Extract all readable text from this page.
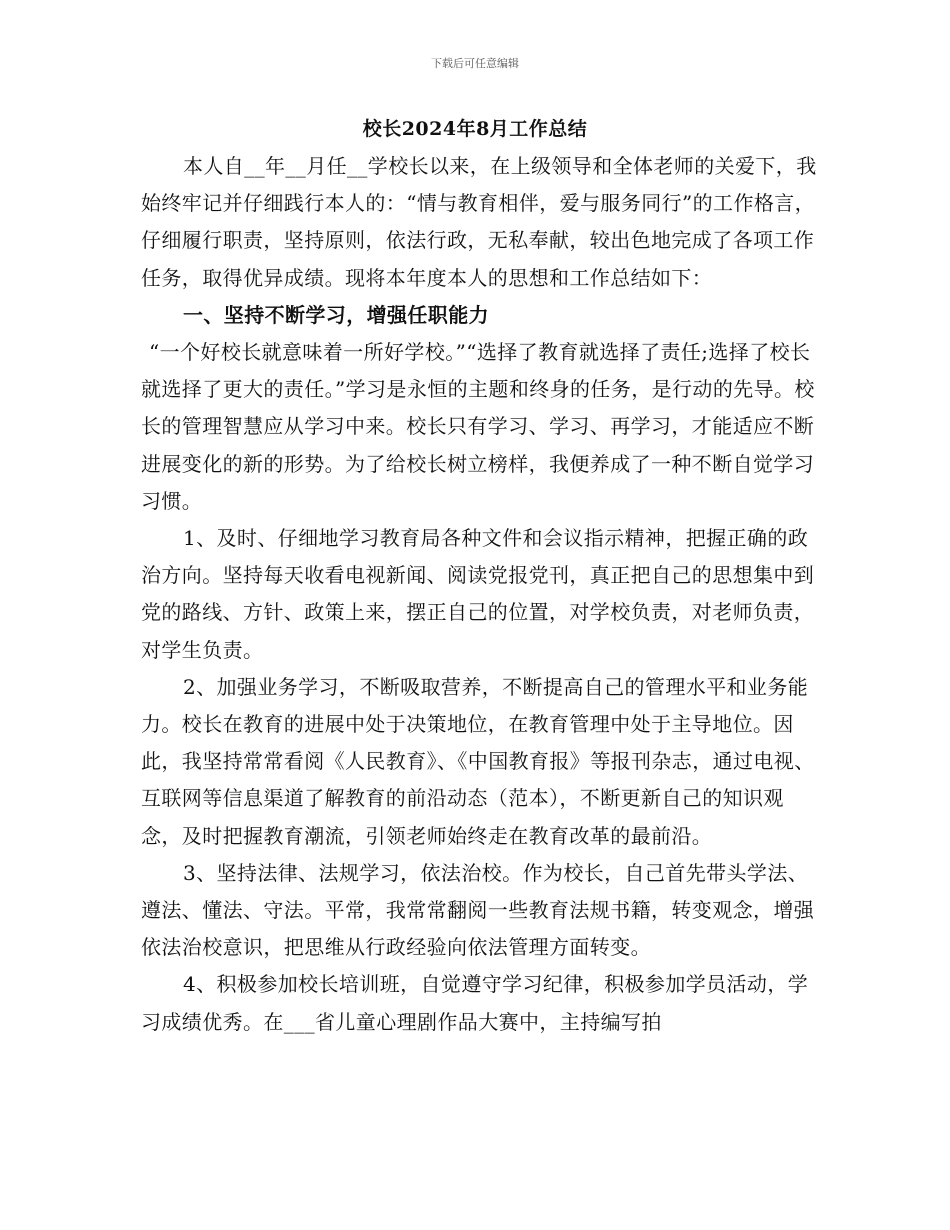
下载后可任意编辑
校长2024年8月工作总结

本人自__年__月任__学校长以来，在上级领导和全体老师的关爱下，我始终牢记并仔细践行本人的：“情与教育相伴，爱与服务同行”的工作格言，仔细履行职责，坚持原则，依法行政，无私奉献，较出色地完成了各项工作任务，取得优异成绩。现将本年度本人的思想和工作总结如下：

一、坚持不断学习，增强任职能力

“一个好校长就意味着一所好学校。”“选择了教育就选择了责任;选择了校长就选择了更大的责任。”学习是永恒的主题和终身的任务，是行动的先导。校长的管理智慧应从学习中来。校长只有学习、学习、再学习，才能适应不断进展变化的新的形势。为了给校长树立榜样，我便养成了一种不断自觉学习习惯。

1、及时、仔细地学习教育局各种文件和会议指示精神，把握正确的政治方向。坚持每天收看电视新闻、阅读党报党刊，真正把自己的思想集中到党的路线、方针、政策上来，摆正自己的位置，对学校负责，对老师负责，对学生负责。

2、加强业务学习，不断吸取营养，不断提高自己的管理水平和业务能力。校长在教育的进展中处于决策地位，在教育管理中处于主导地位。因此，我坚持常常看阅《人民教育》、《中国教育报》等报刊杂志，通过电视、互联网等信息渠道了解教育的前沿动态（范本），不断更新自己的知识观念，及时把握教育潮流，引领老师始终走在教育改革的最前沿。

3、坚持法律、法规学习，依法治校。作为校长，自己首先带头学法、遵法、懂法、守法。平常，我常常翻阅一些教育法规书籍，转变观念，增强依法治校意识，把思维从行政经验向依法管理方面转变。

4、积极参加校长培训班，自觉遵守学习纪律，积极参加学员活动，学习成绩优秀。在___省儿童心理剧作品大赛中，主持编写拍
